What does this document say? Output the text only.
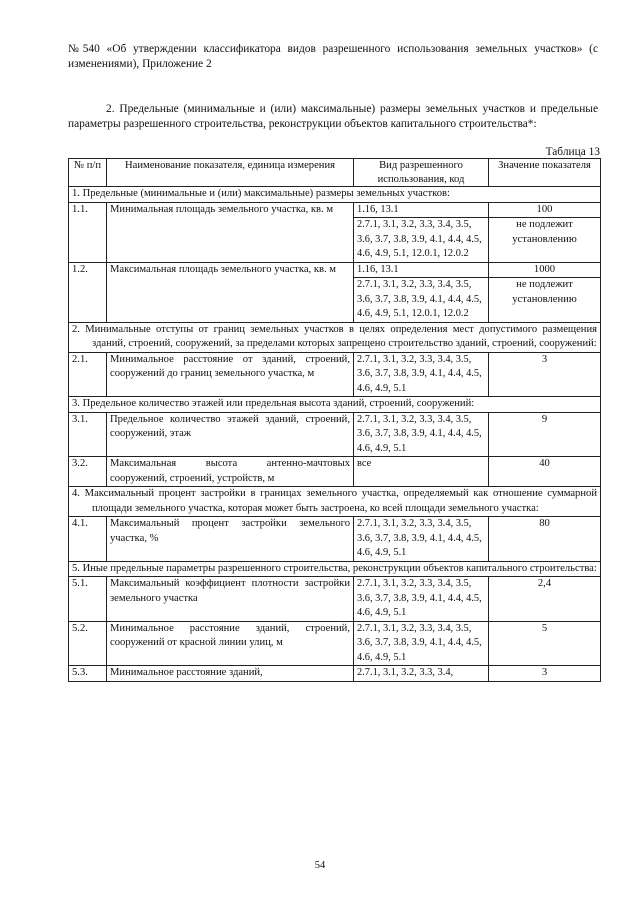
№540 «Об утверждении классификатора видов разрешенного использования земельных участков» (с изменениями), Приложение 2
2. Предельные (минимальные и (или) максимальные) размеры земельных участков и предельные параметры разрешенного строительства, реконструкции объектов капитального строительства*:
Таблица 13
№ п/п	Наименование показателя, единица измерения	Вид разрешенного использования, код	Значение показателя
1. Предельные (минимальные и (или) максимальные) размеры земельных участков:			
1.1.	Минимальная площадь земельного участка, кв. м	1.16, 13.1	100
		2.7.1, 3.1, 3.2, 3.3, 3.4, 3.5, 3.6, 3.7, 3.8, 3.9, 4.1, 4.4, 4.5, 4.6, 4.9, 5.1, 12.0.1, 12.0.2	не подлежит установлению
1.2.	Максимальная площадь земельного участка, кв. м	1.16, 13.1	1000
		2.7.1, 3.1, 3.2, 3.3, 3.4, 3.5, 3.6, 3.7, 3.8, 3.9, 4.1, 4.4, 4.5, 4.6, 4.9, 5.1, 12.0.1, 12.0.2	не подлежит установлению

2. Минимальные отступы от границ земельных участков в целях определения мест допустимого размещения зданий, строений, сооружений, за пределами которых запрещено строительство зданий, строений, сооружений:			

2.1.	Минимальное расстояние от зданий, строений, сооружений до границ земельного участка, м	2.7.1, 3.1, 3.2, 3.3, 3.4, 3.5, 3.6, 3.7, 3.8, 3.9, 4.1, 4.4, 4.5, 4.6, 4.9, 5.1	3
3. Предельное количество этажей или предельная высота зданий, строений, сооружений:			
3.1.	Предельное количество этажей зданий, строений, сооружений, этаж	2.7.1, 3.1, 3.2, 3.3, 3.4, 3.5, 3.6, 3.7, 3.8, 3.9, 4.1, 4.4, 4.5, 4.6, 4.9, 5.1	9
3.2.	Максимальная высота антенно-мачтовых сооружений, строений, устройств, м	все	40

4. Максимальный процент застройки в границах земельного участка, определяемый как отношение суммарной площади земельного участка, которая может быть застроена, ко всей площади земельного участка:			

4.1.	Максимальный процент застройки земельного участка, %	2.7.1, 3.1, 3.2, 3.3, 3.4, 3.5, 3.6, 3.7, 3.8, 3.9, 4.1, 4.4, 4.5, 4.6, 4.9, 5.1	80

5. Иные предельные параметры разрешенного строительства, реконструкции объектов капитального строительства:			

5.1.	Максимальный коэффициент плотности застройки земельного участка	2.7.1, 3.1, 3.2, 3.3, 3.4, 3.5, 3.6, 3.7, 3.8, 3.9, 4.1, 4.4, 4.5, 4.6, 4.9, 5.1	2,4
5.2.	Минимальное расстояние зданий, строений, сооружений от красной линии улиц, м	2.7.1, 3.1, 3.2, 3.3, 3.4, 3.5, 3.6, 3.7, 3.8, 3.9, 4.1, 4.4, 4.5, 4.6, 4.9, 5.1	5
5.3.	Минимальное расстояние зданий,	2.7.1, 3.1, 3.2, 3.3, 3.4,	3
54
